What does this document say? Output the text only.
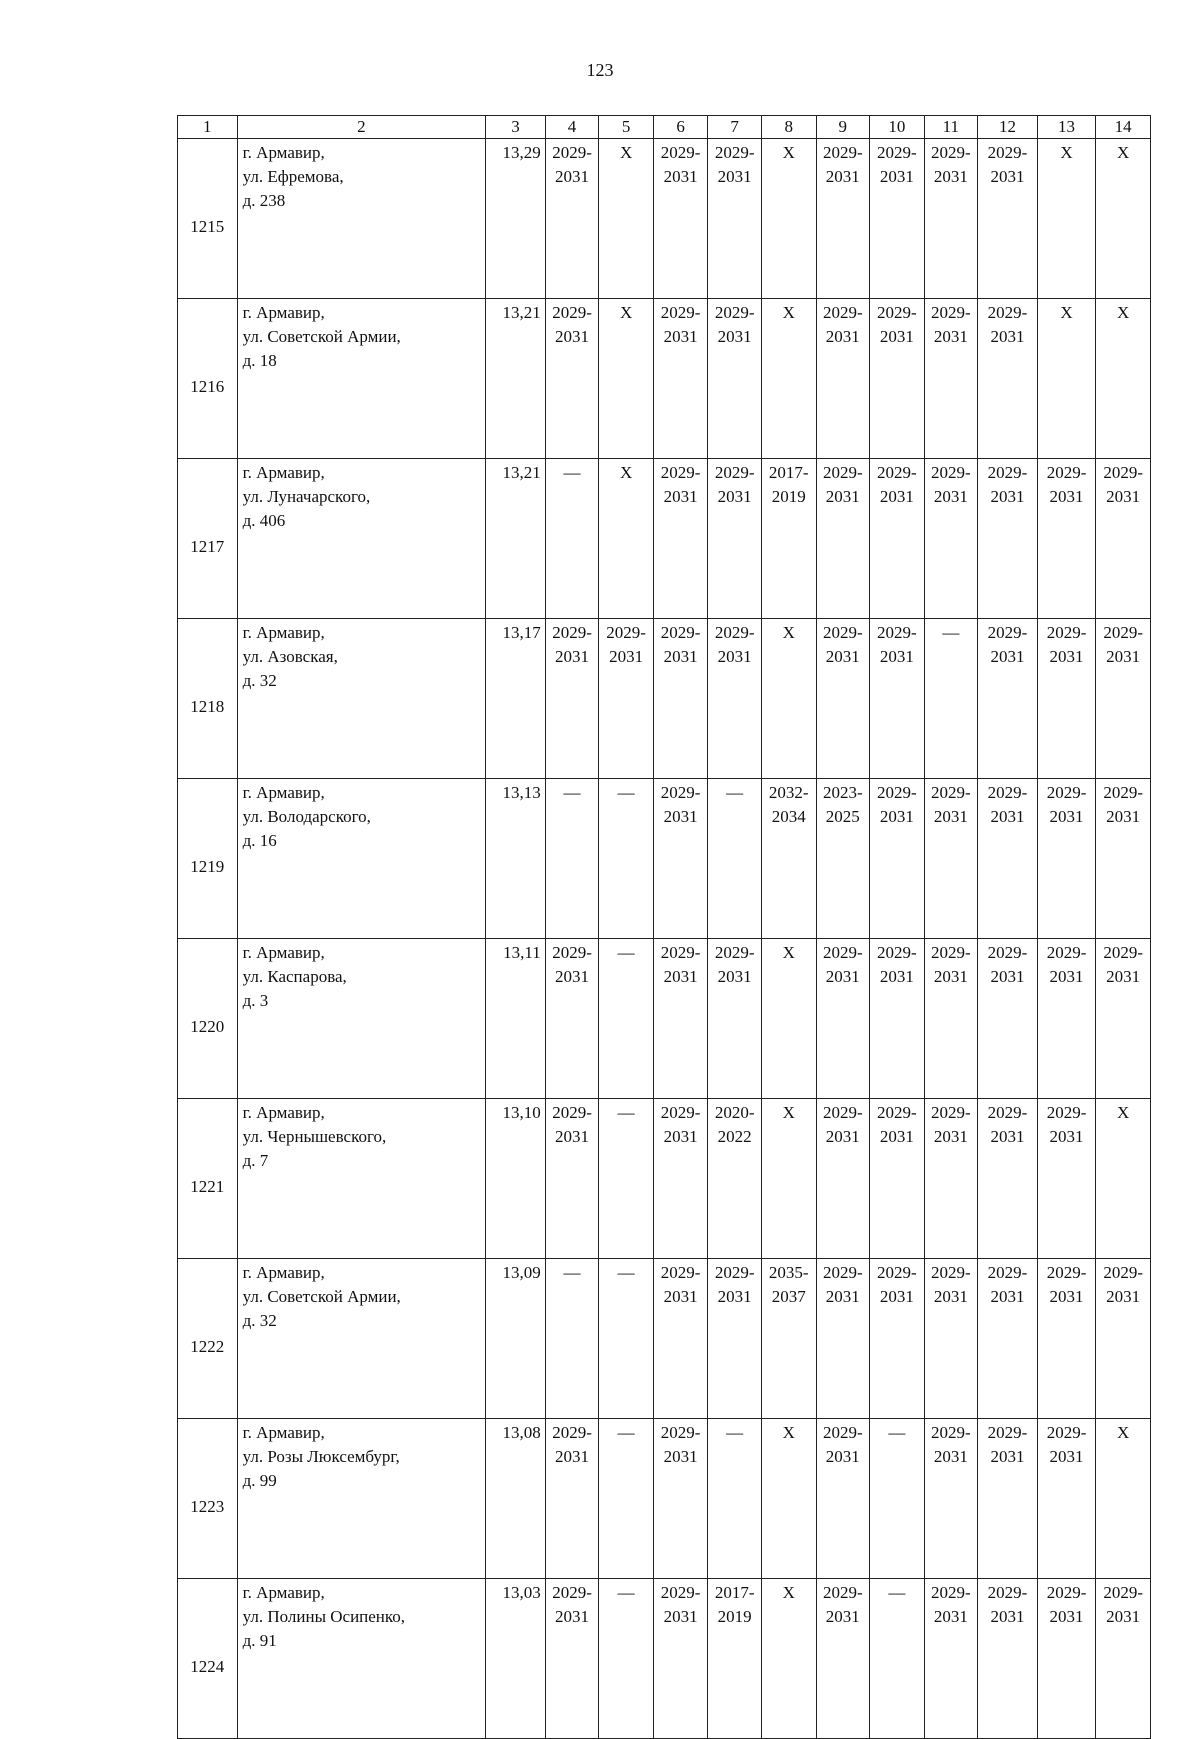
123
1	2	3	4	5	6	7	8	9	10	11	12	13	14
1215	г. Армавир,
ул. Ефремова,
д. 238	13,29	2029-
2031	X	2029-
2031	2029-
2031	X	2029-
2031	2029-
2031	2029-
2031	2029-
2031	X	X
1216	г. Армавир,
ул. Советской Армии,
д. 18	13,21	2029-
2031	X	2029-
2031	2029-
2031	X	2029-
2031	2029-
2031	2029-
2031	2029-
2031	X	X
1217	г. Армавир,
ул. Луначарского,
д. 406	13,21	—	X	2029-
2031	2029-
2031	2017-
2019	2029-
2031	2029-
2031	2029-
2031	2029-
2031	2029-
2031	2029-
2031
1218	г. Армавир,
ул. Азовская,
д. 32	13,17	2029-
2031	2029-
2031	2029-
2031	2029-
2031	X	2029-
2031	2029-
2031	—	2029-
2031	2029-
2031	2029-
2031
1219	г. Армавир,
ул. Володарского,
д. 16	13,13	—	—	2029-
2031	—	2032-
2034	2023-
2025	2029-
2031	2029-
2031	2029-
2031	2029-
2031	2029-
2031
1220	г. Армавир,
ул. Каспарова,
д. 3	13,11	2029-
2031	—	2029-
2031	2029-
2031	X	2029-
2031	2029-
2031	2029-
2031	2029-
2031	2029-
2031	2029-
2031
1221	г. Армавир,
ул. Чернышевского,
д. 7	13,10	2029-
2031	—	2029-
2031	2020-
2022	X	2029-
2031	2029-
2031	2029-
2031	2029-
2031	2029-
2031	X
1222	г. Армавир,
ул. Советской Армии,
д. 32	13,09	—	—	2029-
2031	2029-
2031	2035-
2037	2029-
2031	2029-
2031	2029-
2031	2029-
2031	2029-
2031	2029-
2031
1223	г. Армавир,
ул. Розы Люксембург,
д. 99	13,08	2029-
2031	—	2029-
2031	—	X	2029-
2031	—	2029-
2031	2029-
2031	2029-
2031	X
1224	г. Армавир,
ул. Полины Осипенко,
д. 91	13,03	2029-
2031	—	2029-
2031	2017-
2019	X	2029-
2031	—	2029-
2031	2029-
2031	2029-
2031	2029-
2031
